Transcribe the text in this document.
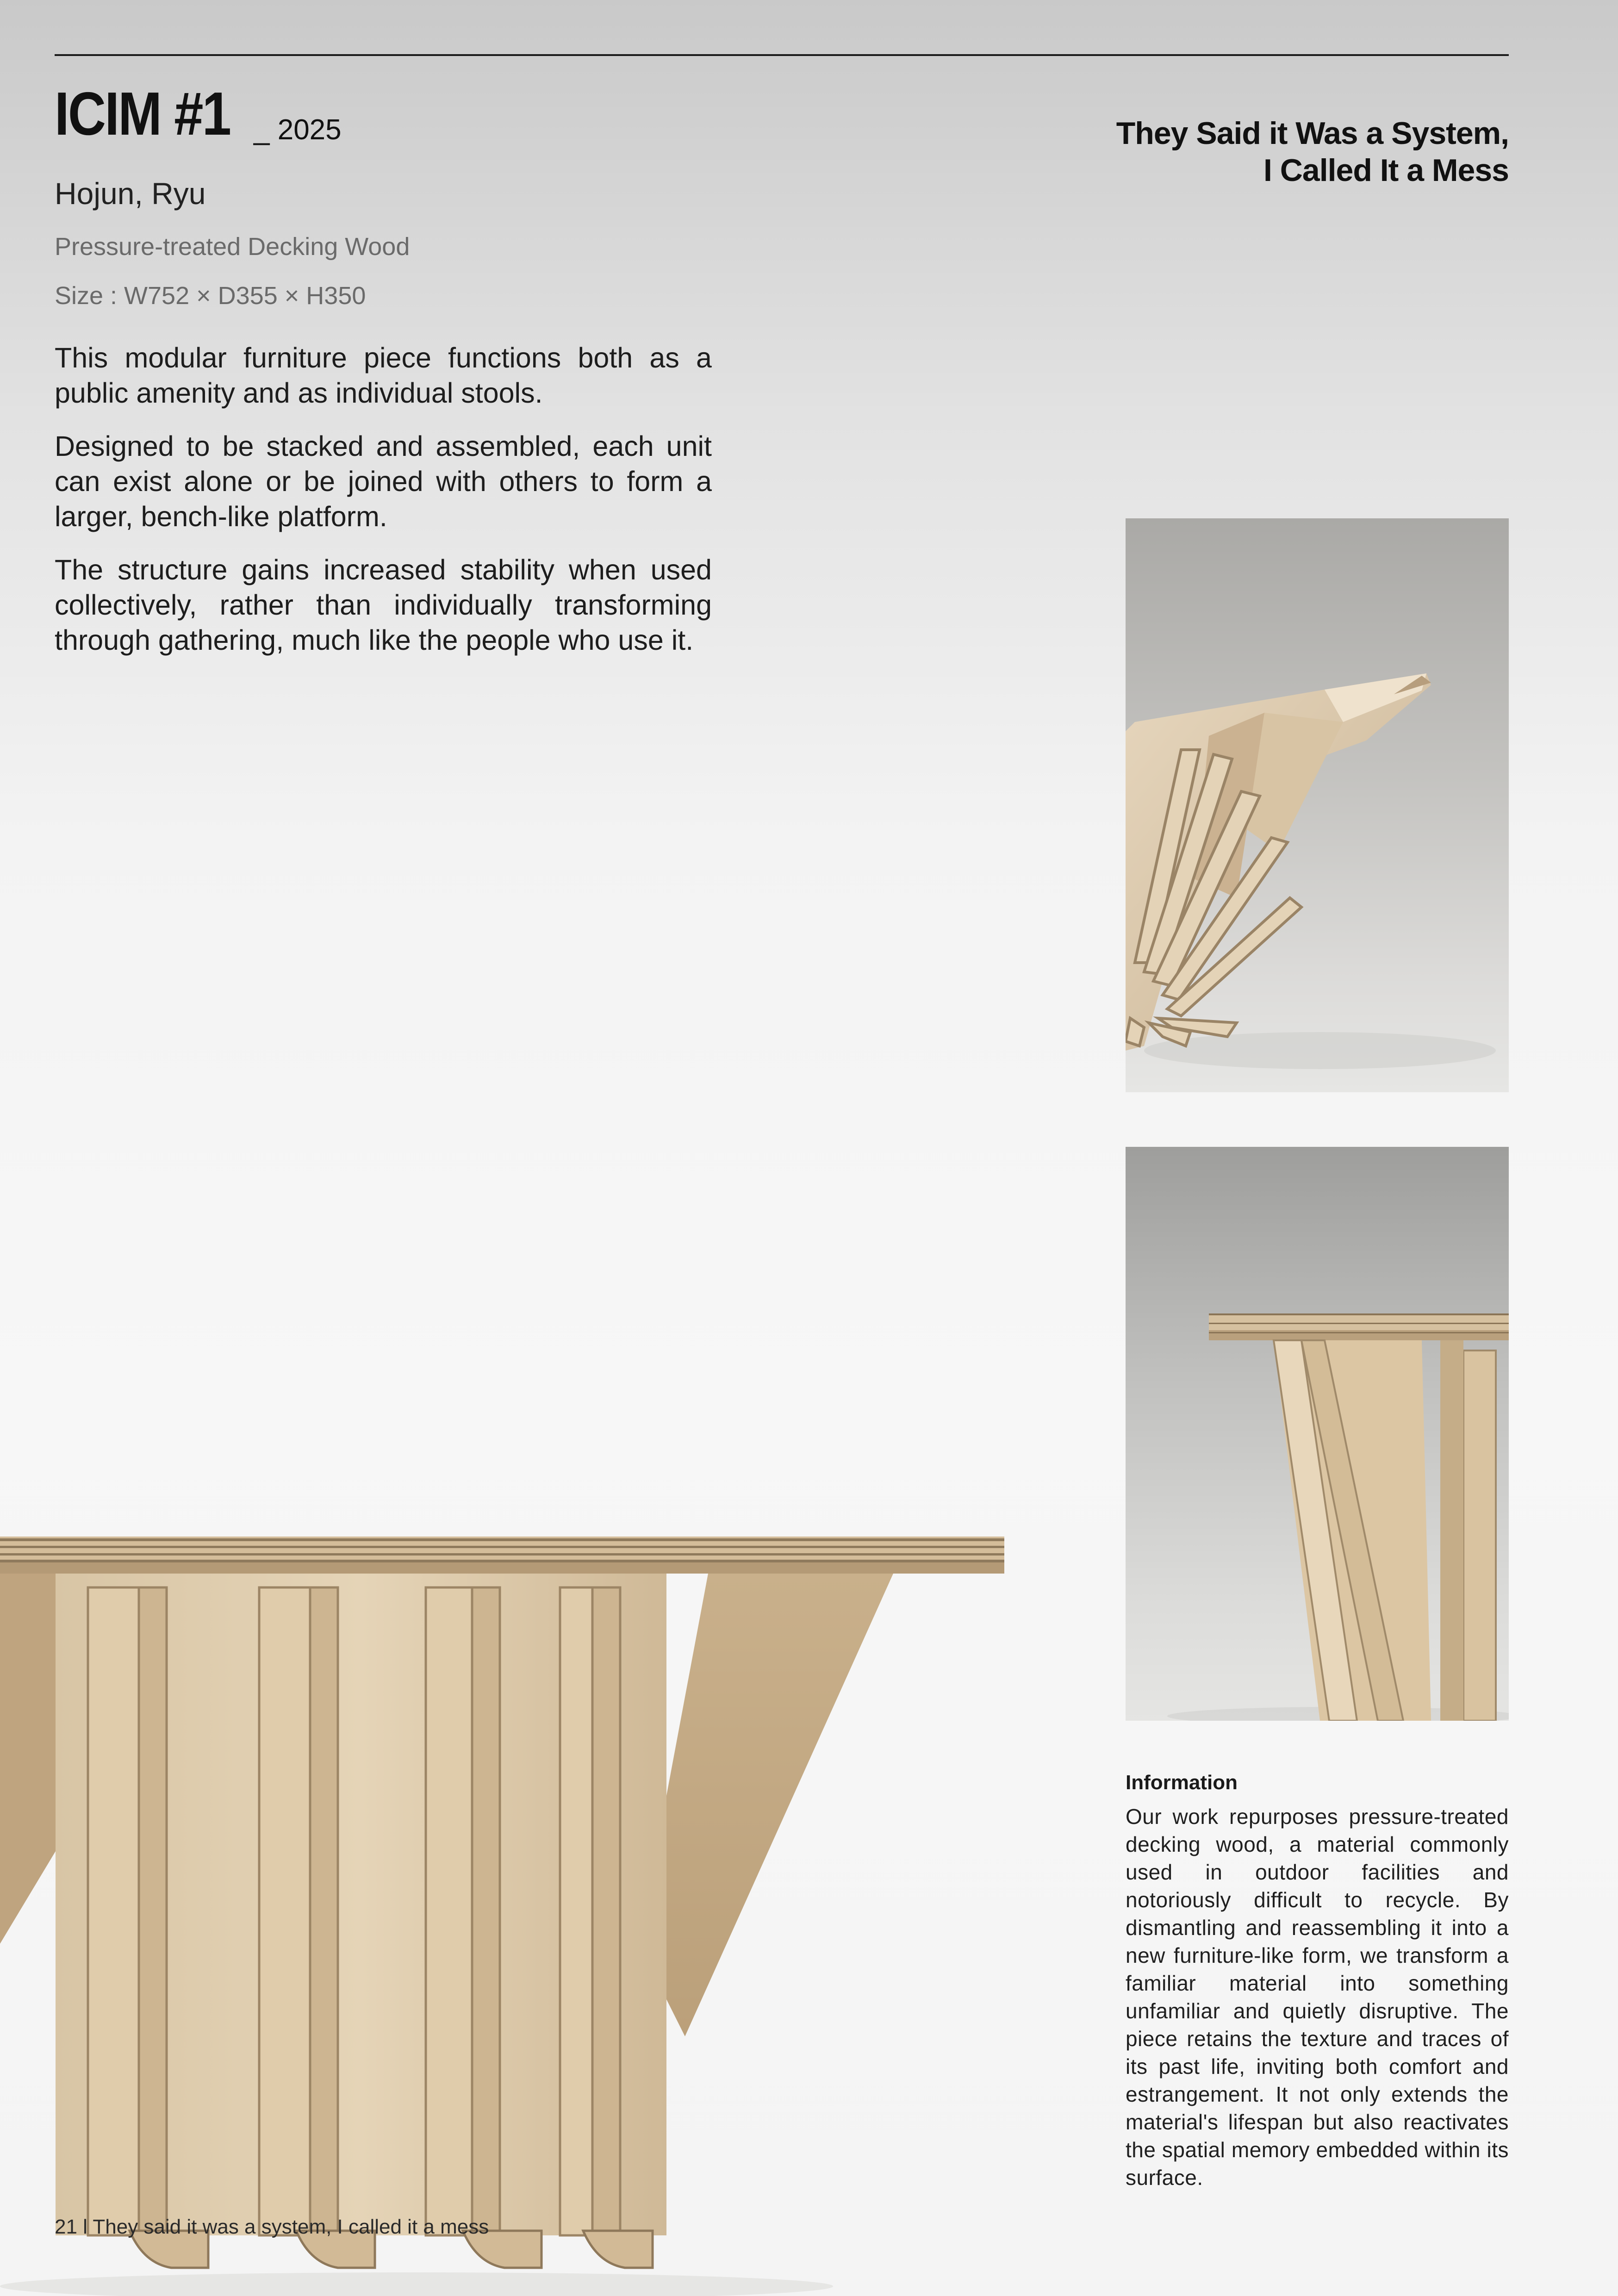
ICIM #1 _ 2025	They Said it Was a System,
I Called It a Mess
Hojun, Ryu
Pressure-treated Decking Wood
Size : W752 × D355 × H350

This modular furniture piece functions both as a public amenity and as individual stools.

Designed to be stacked and assembled, each unit can exist alone or be joined with others to form a larger, bench-like platform.

The structure gains increased stability when used collectively, rather than individually transforming through gathering, much like the people who use it.

Information
Our work repurposes pressure-treated decking wood, a material commonly used in outdoor facilities and notoriously difficult to recycle. By dismantling and reassembling it into a new furniture-like form, we transform a familiar material into something unfamiliar and quietly disruptive. The piece retains the texture and traces of its past life, inviting both comfort and estrangement. It not only extends the material's lifespan but also reactivates the spatial memory embedded within its surface.
21 l They said it was a system, I called it a mess
